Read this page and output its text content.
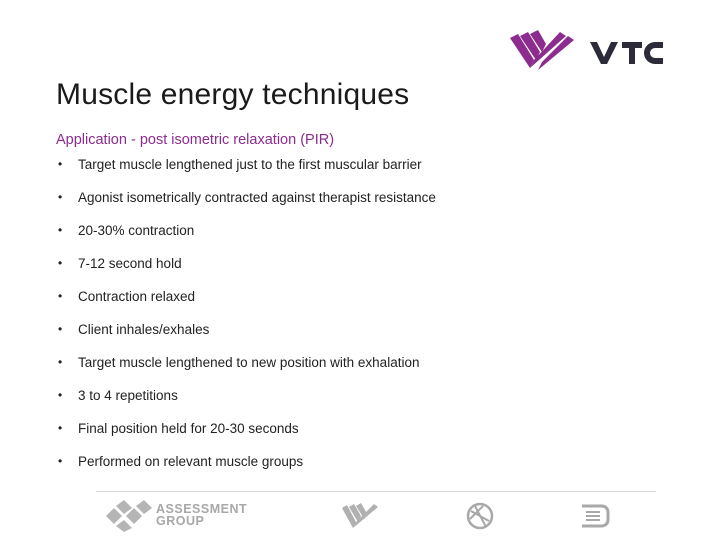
Muscle energy techniques
Application - post isometric relaxation (PIR)
• Target muscle lengthened just to the first muscular barrier
• Agonist isometrically contracted against therapist resistance
• 20-30% contraction
• 7-12 second hold
• Contraction relaxed
• Client inhales/exhales
• Target muscle lengthened to new position with exhalation
• 3 to 4 repetitions
• Final position held for 20-30 seconds
• Performed on relevant muscle groups
ASSESSMENT
GROUP
